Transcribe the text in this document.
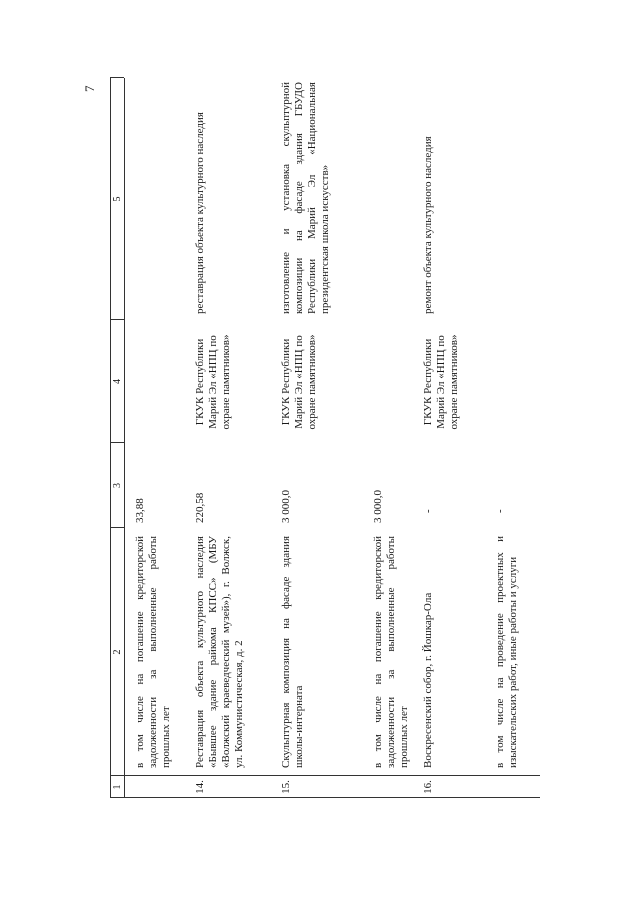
7
1
2
3
4
5
в том числе на погашение кредиторской задолженности за выполненные работы прошлых лет
33,88
14.
Реставрация объекта культурного наследия «Бывшее здание райкома КПСС» (МБУ «Волжский краеведческий музей»), г. Волжск, ул. Коммунистическая, д. 2
220,58
ГКУК Республики Марий Эл «НПЦ по охране памятников»
реставрация объекта культурного наследия
15.
Скульптурная композиция на фасаде здания школы-интерната
3 000,0
ГКУК Республики Марий Эл «НПЦ по охране памятников»
изготовление и установка скульптурной композиции на фасаде здания ГБУДО Республики Марий Эл «Национальная президентская школа искусств»
в том числе на погашение кредиторской задолженности за выполненные работы прошлых лет
3 000,0
16.
Воскресенский собор, г. Йошкар-Ола
-
ГКУК Республики Марий Эл «НПЦ по охране памятников»
ремонт объекта культурного наследия
в том числе на проведение проектных и изыскательских работ, иные работы и услуги
-
